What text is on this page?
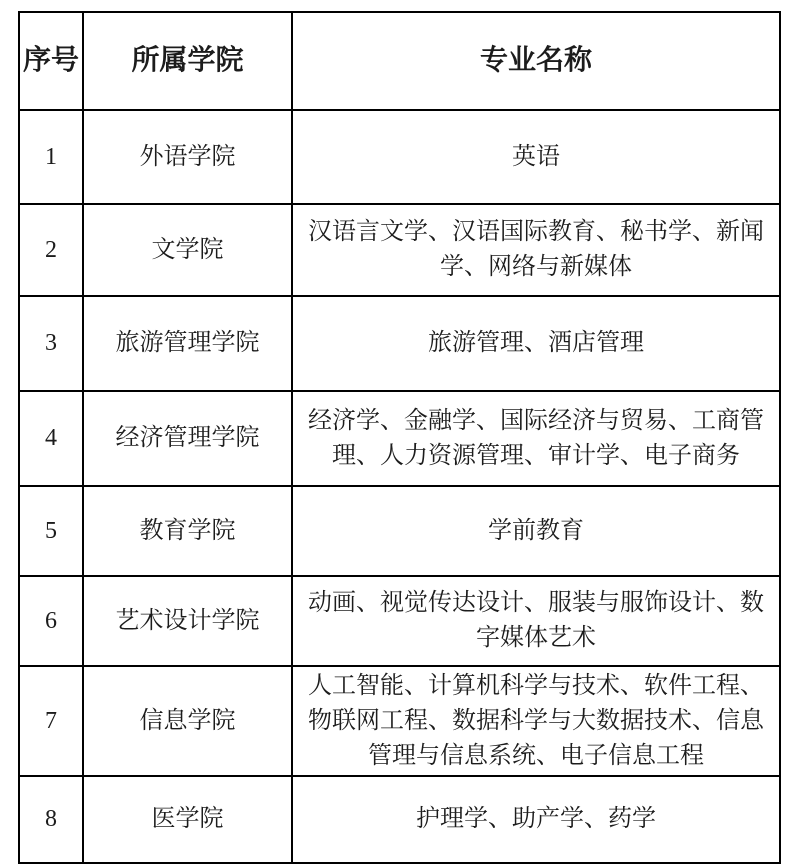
序号	所属学院	专业名称
1	外语学院	英语
2	文学院	汉语言文学、汉语国际教育、秘书学、新闻学、网络与新媒体
3	旅游管理学院	旅游管理、酒店管理
4	经济管理学院	经济学、金融学、国际经济与贸易、工商管理、人力资源管理、审计学、电子商务
5	教育学院	学前教育
6	艺术设计学院	动画、视觉传达设计、服装与服饰设计、数字媒体艺术
7	信息学院	人工智能、计算机科学与技术、软件工程、物联网工程、数据科学与大数据技术、信息管理与信息系统、电子信息工程
8	医学院	护理学、助产学、药学
